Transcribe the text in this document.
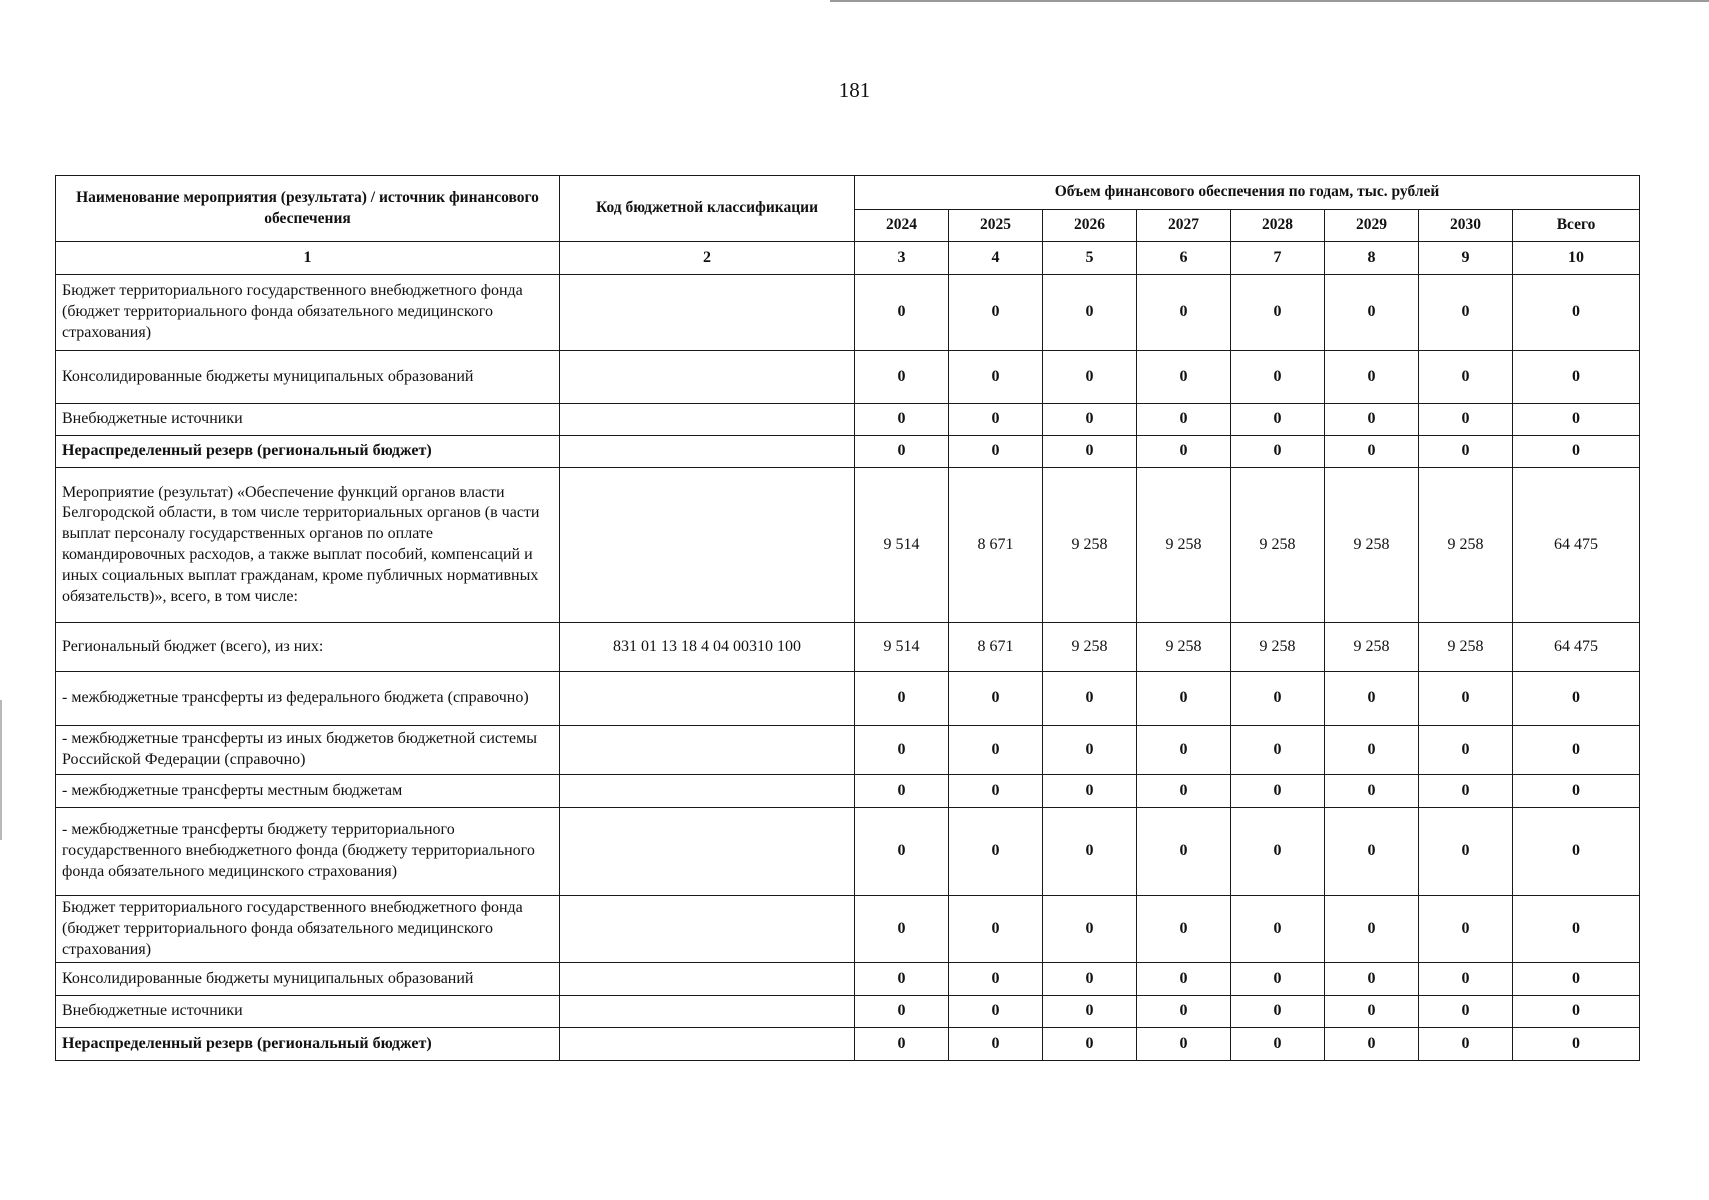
181
Наименование мероприятия (результата) / источник финансового обеспечения	Код бюджетной классификации	Объем финансового обеспечения по годам, тыс. рублей							
		2024	2025	2026	2027	2028	2029	2030	Всего
1	2	3	4	5	6	7	8	9	10
Бюджет территориального государственного внебюджетного фонда (бюджет территориального фонда обязательного медицинского страхования)		0	0	0	0	0	0	0	0
Консолидированные бюджеты муниципальных образований		0	0	0	0	0	0	0	0
Внебюджетные источники		0	0	0	0	0	0	0	0
Нераспределенный резерв (региональный бюджет)		0	0	0	0	0	0	0	0
Мероприятие (результат) «Обеспечение функций органов власти Белгородской области, в том числе территориальных органов (в части выплат персоналу государственных органов по оплате командировочных расходов, а также выплат пособий, компенсаций и иных социальных выплат гражданам, кроме публичных нормативных обязательств)», всего, в том числе:		9 514	8 671	9 258	9 258	9 258	9 258	9 258	64 475
Региональный бюджет (всего), из них:	831 01 13 18 4 04 00310 100	9 514	8 671	9 258	9 258	9 258	9 258	9 258	64 475
- межбюджетные трансферты из федерального бюджета (справочно)		0	0	0	0	0	0	0	0
- межбюджетные трансферты из иных бюджетов бюджетной системы Российской Федерации (справочно)		0	0	0	0	0	0	0	0
- межбюджетные трансферты местным бюджетам		0	0	0	0	0	0	0	0
- межбюджетные трансферты бюджету территориального государственного внебюджетного фонда (бюджету территориального фонда обязательного медицинского страхования)		0	0	0	0	0	0	0	0
Бюджет территориального государственного внебюджетного фонда (бюджет территориального фонда обязательного медицинского страхования)		0	0	0	0	0	0	0	0
Консолидированные бюджеты муниципальных образований		0	0	0	0	0	0	0	0
Внебюджетные источники		0	0	0	0	0	0	0	0
Нераспределенный резерв (региональный бюджет)		0	0	0	0	0	0	0	0
